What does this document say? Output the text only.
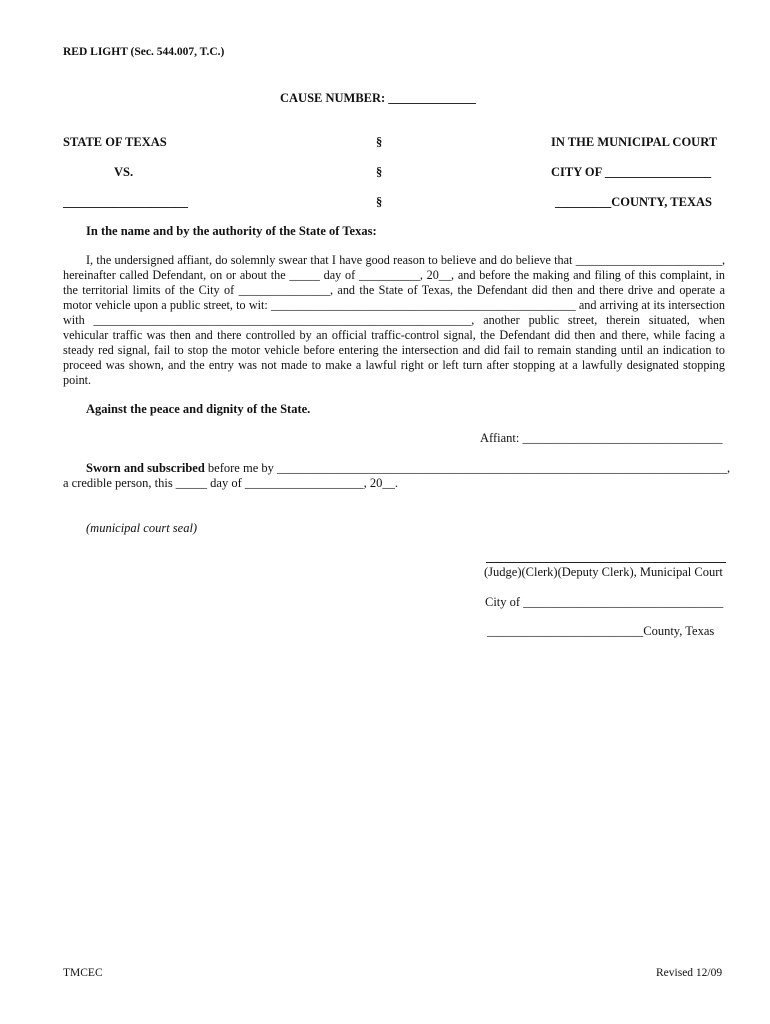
RED LIGHT (Sec. 544.007, T.C.)
CAUSE NUMBER: ______________
STATE OF TEXAS
VS.
____________________
§
§
§
IN THE MUNICIPAL COURT
CITY OF _________________
_________COUNTY, TEXAS
In the name and by the authority of the State of Texas:

I, the undersigned affiant, do solemnly swear that I have good reason to believe and do believe that ________________________, hereinafter called Defendant, on or about the _____ day of __________, 20__, and before the making and filing of this complaint, in the territorial limits of the City of _______________, and the State of Texas, the Defendant did then and there drive and operate a motor vehicle upon a public street, to wit: __________________________________________________ and arriving at its intersection with ______________________________________________________________, another public street, therein situated, when vehicular traffic was then and there controlled by an official traffic-control signal, the Defendant did then and there, while facing a steady red signal, fail to stop the motor vehicle before entering the intersection and did fail to remain standing until an indication to proceed was shown, and the entry was not made to make a lawful right or left turn after stopping at a lawfully designated stopping point.

Against the peace and dignity of the State.
Affiant: ________________________________
Sworn and subscribed before me by ________________________________________________________________________,
a credible person, this _____ day of ___________________, 20__.
(municipal court seal)
(Judge)(Clerk)(Deputy Clerk), Municipal Court
City of ________________________________
_________________________County, Texas
TMCEC	Revised 12/09
